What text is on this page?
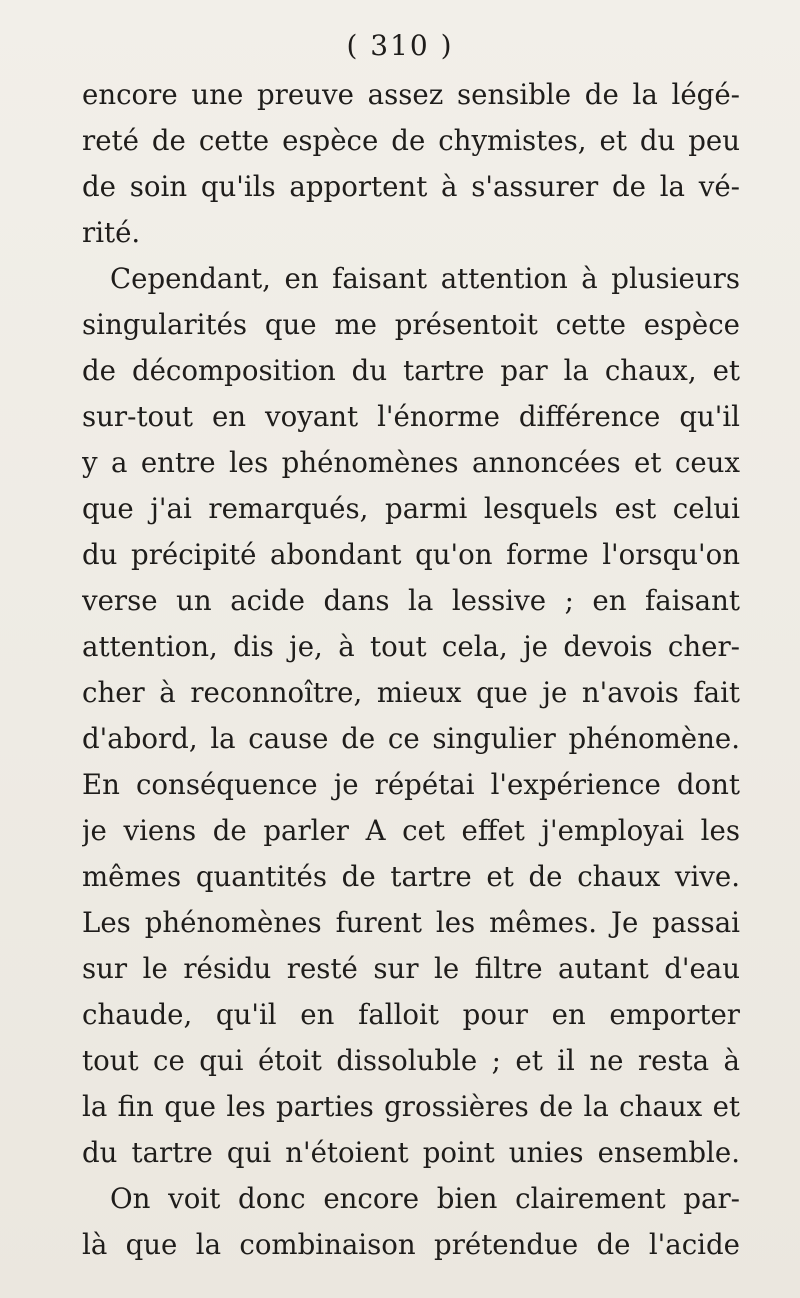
( 310 )
encore une preuve assez sensible de la légé-
reté de cette espèce de chymistes, et du peu
de soin qu'ils apportent à s'assurer de la vé-
rité.
Cependant, en faisant attention à plusieurs
singularités que me présentoit cette espèce
de décomposition du tartre par la chaux, et
sur-tout en voyant l'énorme différence qu'il
y a entre les phénomènes annoncées et ceux
que j'ai remarqués, parmi lesquels est celui
du précipité abondant qu'on forme l'orsqu'on
verse un acide dans la lessive ; en faisant
attention, dis je, à tout cela, je devois cher-
cher à reconnoître, mieux que je n'avois fait
d'abord, la cause de ce singulier phénomène.
En conséquence je répétai l'expérience dont
je viens de parler A cet effet j'employai les
mêmes quantités de tartre et de chaux vive.
Les phénomènes furent les mêmes. Je passai
sur le résidu resté sur le filtre autant d'eau
chaude, qu'il en falloit pour en emporter
tout ce qui étoit dissoluble ; et il ne resta à
la fin que les parties grossières de la chaux et
du tartre qui n'étoient point unies ensemble.
On voit donc encore bien clairement par-
là que la combinaison prétendue de l'acide
